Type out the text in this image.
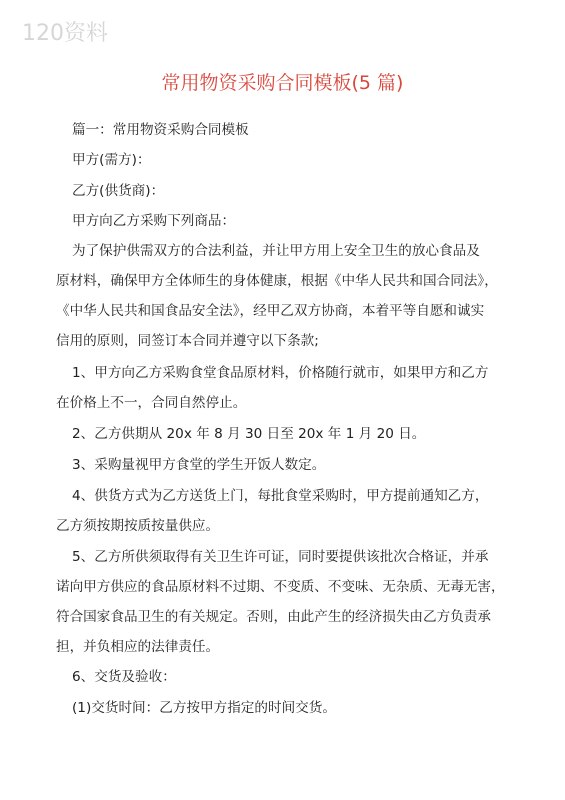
120资料
常用物资采购合同模板(5 篇)
篇一：常用物资采购合同模板
甲方(需方)：
乙方(供货商)：
甲方向乙方采购下列商品：
为了保护供需双方的合法利益，并让甲方用上安全卫生的放心食品及
原材料，确保甲方全体师生的身体健康，根据《中华人民共和国合同法》，
《中华人民共和国食品安全法》，经甲乙双方协商，本着平等自愿和诚实
信用的原则，同签订本合同并遵守以下条款;
1、甲方向乙方采购食堂食品原材料，价格随行就市，如果甲方和乙方
在价格上不一，合同自然停止。
2、乙方供期从 20x 年 8 月 30 日至 20x 年 1 月 20 日。
3、采购量视甲方食堂的学生开饭人数定。
4、供货方式为乙方送货上门，每批食堂采购时，甲方提前通知乙方，
乙方须按期按质按量供应。
5、乙方所供须取得有关卫生许可证，同时要提供该批次合格证，并承
诺向甲方供应的食品原材料不过期、不变质、不变味、无杂质、无毒无害，
符合国家食品卫生的有关规定。否则，由此产生的经济损失由乙方负责承
担，并负相应的法律责任。
6、交货及验收：
(1)交货时间：乙方按甲方指定的时间交货。
